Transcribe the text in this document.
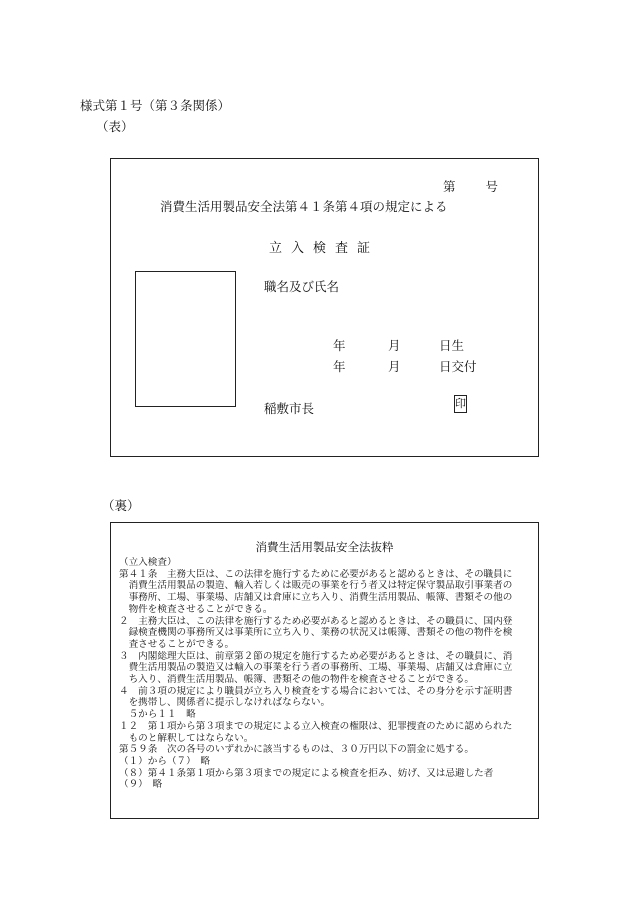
様式第１号（第３条関係）
（表）
第 号
消費生活用製品安全法第４１条第４項の規定による
立入検査証
職名及び氏名
年	月	日生
年	月	日交付
稲敷市長	印
（裏）
消費生活用製品安全法抜粋
（立入検査）
第４１条　主務大臣は、この法律を施行するために必要があると認めるときは、その職員に
　消費生活用製品の製造、輸入若しくは販売の事業を行う者又は特定保守製品取引事業者の
　事務所、工場、事業場、店舗又は倉庫に立ち入り、消費生活用製品、帳簿、書類その他の
　物件を検査させることができる。
２　主務大臣は、この法律を施行するため必要があると認めるときは、その職員に、国内登
　録検査機関の事務所又は事業所に立ち入り、業務の状況又は帳簿、書類その他の物件を検
　査させることができる。
３　内閣総理大臣は、前章第２節の規定を施行するため必要があるときは、その職員に、消
　費生活用製品の製造又は輸入の事業を行う者の事務所、工場、事業場、店舗又は倉庫に立
　ち入り、消費生活用製品、帳簿、書類その他の物件を検査させることができる。
４　前３項の規定により職員が立ち入り検査をする場合においては、その身分を示す証明書
　を携帯し、関係者に提示しなければならない。
　５から１１　略
１２　第１項から第３項までの規定による立入検査の権限は、犯罪捜査のために認められた
　ものと解釈してはならない。
第５９条　次の各号のいずれかに該当するものは、３０万円以下の罰金に処する。
（１）から（７）　略
（８）第４１条第１項から第３項までの規定による検査を拒み、妨げ、又は忌避した者
（９）　略
